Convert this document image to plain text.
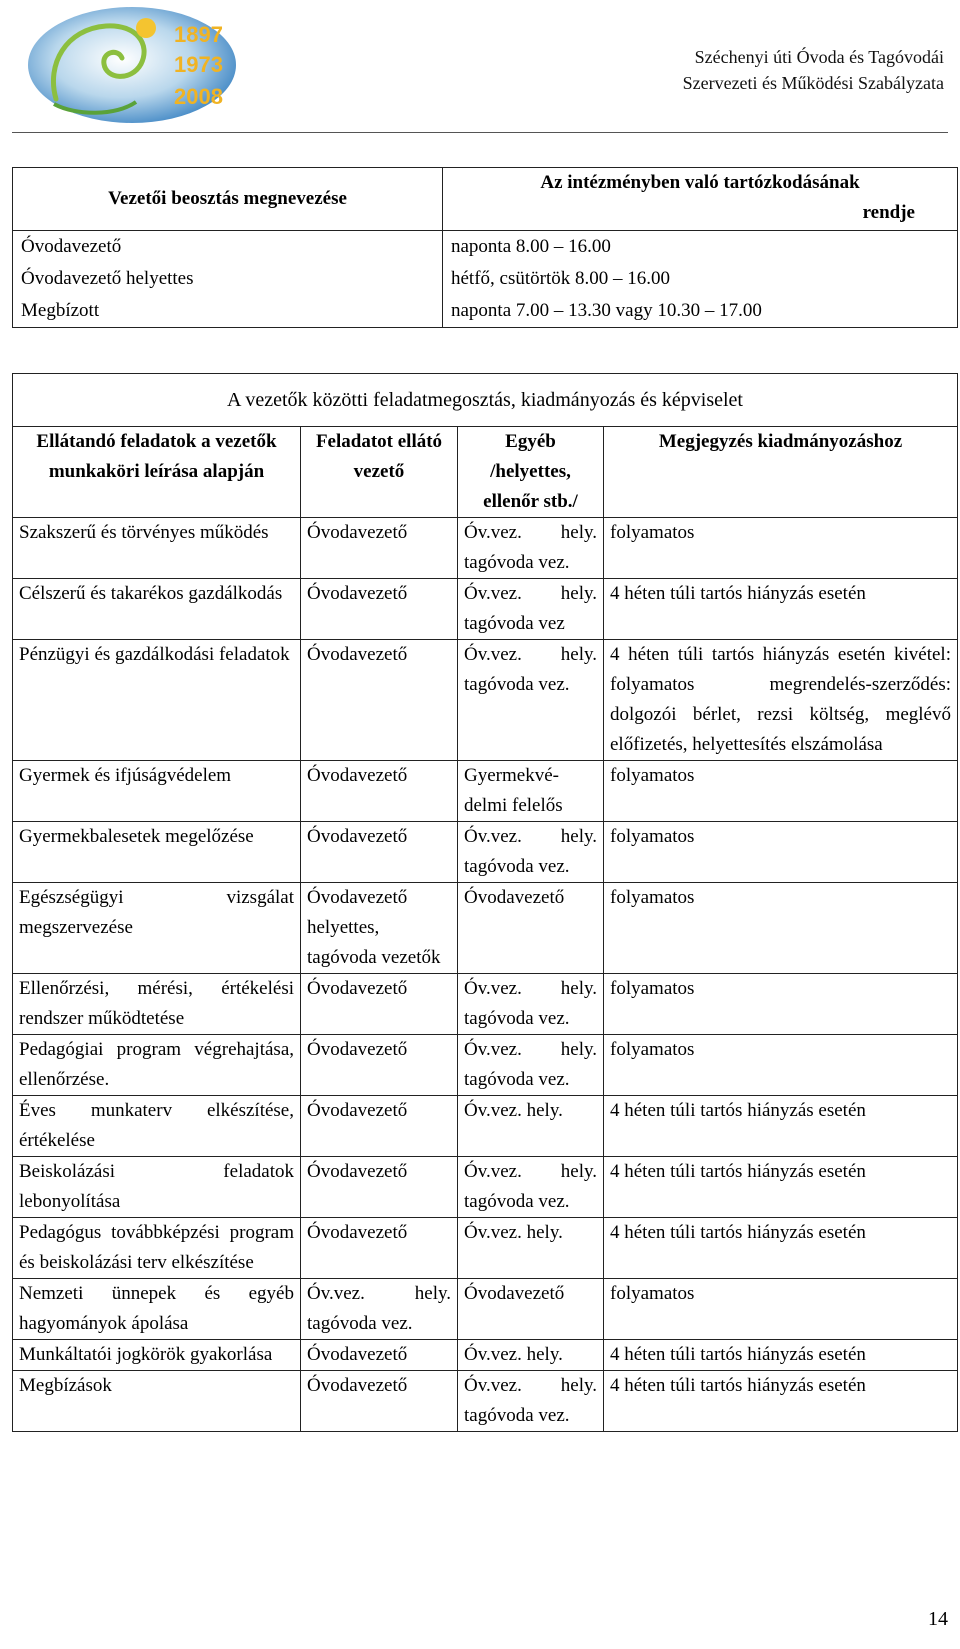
1897
1973
2008
Széchenyi úti Óvoda és Tagóvodái
Szervezeti és Működési Szabályzata
Vezetői beosztás megnevezése	Az intézményben való tartózkodásának
rendje

Óvodavezető	naponta 8.00 – 16.00
Óvodavezető helyettes	hétfő, csütörtök 8.00 – 16.00
Megbízott	naponta 7.00 – 13.30 vagy 10.30 – 17.00
A vezetők közötti feladatmegosztás, kiadmányozás és képviselet			
Ellátandó feladatok a vezetők munkaköri leírása alapján	Feladatot ellátó vezető	Egyéb /helyettes, ellenőr stb./	Megjegyzés kiadmányozáshoz
Szakszerű és törvényes működés	Óvodavezető	Óv.vez. hely. tagóvoda vez.	folyamatos
Célszerű és takarékos gazdálkodás	Óvodavezető	Óv.vez. hely. tagóvoda vez	4 héten túli tartós hiányzás esetén
Pénzügyi és gazdálkodási feladatok	Óvodavezető	Óv.vez. hely. tagóvoda vez.	4 héten túli tartós hiányzás esetén kivétel: folyamatos megrendelés-szerződés: dolgozói bérlet, rezsi költség, meglévő előfizetés, helyettesítés elszámolása
Gyermek és ifjúságvédelem	Óvodavezető	Gyermekvé-delmi felelős	folyamatos
Gyermekbalesetek megelőzése	Óvodavezető	Óv.vez. hely. tagóvoda vez.	folyamatos
Egészségügyi vizsgálat megszervezése	Óvodavezető helyettes, tagóvoda vezetők	Óvodavezető	folyamatos
Ellenőrzési, mérési, értékelési rendszer működtetése	Óvodavezető	Óv.vez. hely. tagóvoda vez.	folyamatos
Pedagógiai program végrehajtása, ellenőrzése.	Óvodavezető	Óv.vez. hely. tagóvoda vez.	folyamatos
Éves munkaterv elkészítése, értékelése	Óvodavezető	Óv.vez. hely.	4 héten túli tartós hiányzás esetén
Beiskolázási feladatok lebonyolítása	Óvodavezető	Óv.vez. hely. tagóvoda vez.	4 héten túli tartós hiányzás esetén
Pedagógus továbbképzési program és beiskolázási terv elkészítése	Óvodavezető	Óv.vez. hely.	4 héten túli tartós hiányzás esetén
Nemzeti ünnepek és egyéb hagyományok ápolása	Óv.vez. hely. tagóvoda vez.	Óvodavezető	folyamatos
Munkáltatói jogkörök gyakorlása	Óvodavezető	Óv.vez. hely.	4 héten túli tartós hiányzás esetén
Megbízások	Óvodavezető	Óv.vez. hely. tagóvoda vez.	4 héten túli tartós hiányzás esetén
14
